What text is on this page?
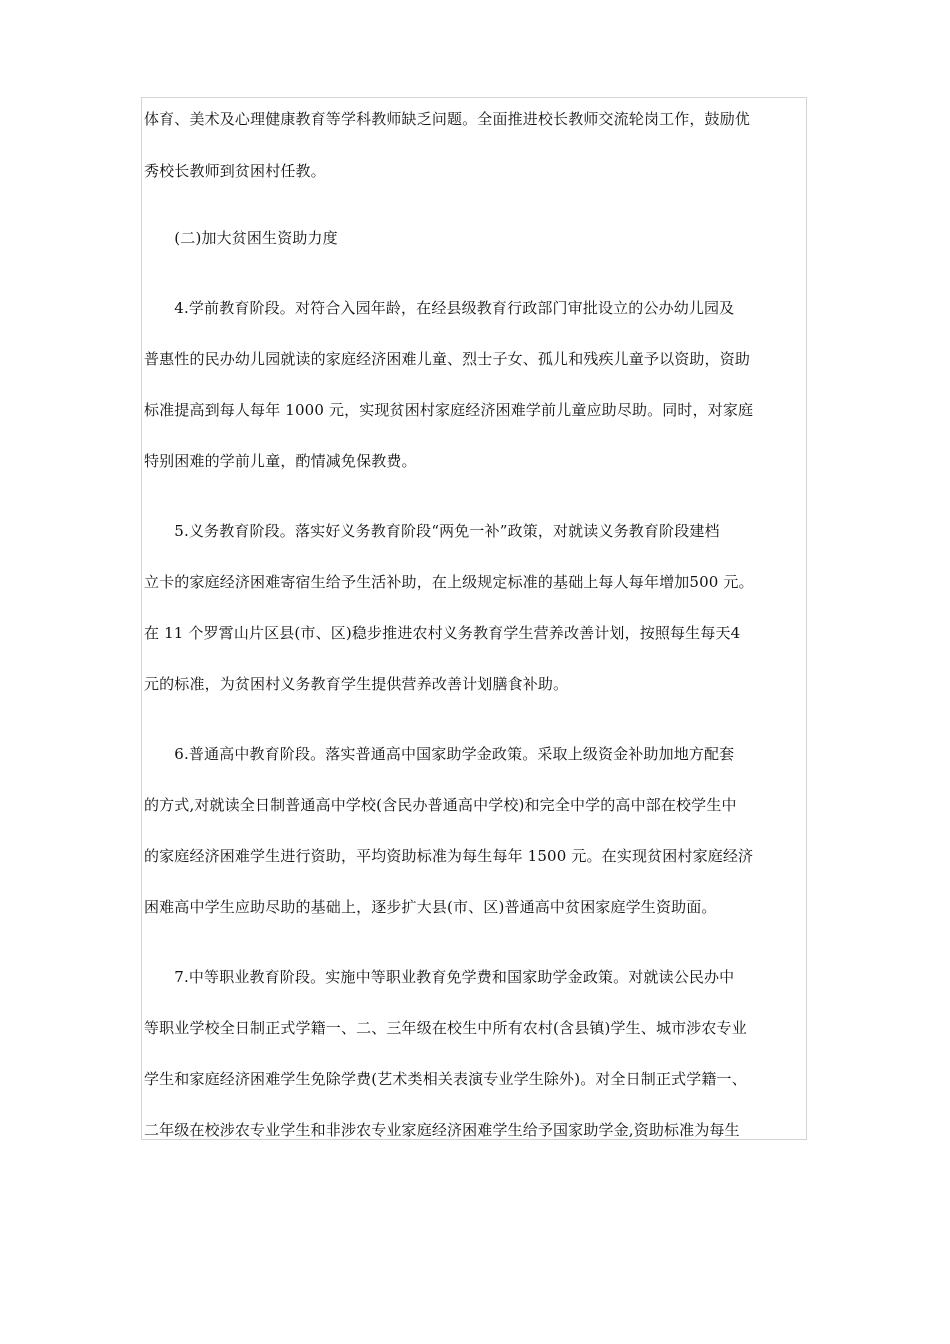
体育、美术及心理健康教育等学科教师缺乏问题。全面推进校长教师交流轮岗工作，鼓励优
秀校长教师到贫困村任教。
　　(二)加大贫困生资助力度
　　4.学前教育阶段。对符合入园年龄，在经县级教育行政部门审批设立的公办幼儿园及
普惠性的民办幼儿园就读的家庭经济困难儿童、烈士子女、孤儿和残疾儿童予以资助，资助
标准提高到每人每年 1000 元，实现贫困村家庭经济困难学前儿童应助尽助。同时，对家庭
特别困难的学前儿童，酌情减免保教费。
　　5.义务教育阶段。落实好义务教育阶段“两免一补”政策，对就读义务教育阶段建档
立卡的家庭经济困难寄宿生给予生活补助，在上级规定标准的基础上每人每年增加500 元。
在 11 个罗霄山片区县(市、区)稳步推进农村义务教育学生营养改善计划，按照每生每天4
元的标准，为贫困村义务教育学生提供营养改善计划膳食补助。
　　6.普通高中教育阶段。落实普通高中国家助学金政策。采取上级资金补助加地方配套
的方式,对就读全日制普通高中学校(含民办普通高中学校)和完全中学的高中部在校学生中
的家庭经济困难学生进行资助，平均资助标准为每生每年 1500 元。在实现贫困村家庭经济
困难高中学生应助尽助的基础上，逐步扩大县(市、区)普通高中贫困家庭学生资助面。
　　7.中等职业教育阶段。实施中等职业教育免学费和国家助学金政策。对就读公民办中
等职业学校全日制正式学籍一、二、三年级在校生中所有农村(含县镇)学生、城市涉农专业
学生和家庭经济困难学生免除学费(艺术类相关表演专业学生除外)。对全日制正式学籍一、
二年级在校涉农专业学生和非涉农专业家庭经济困难学生给予国家助学金,资助标准为每生
